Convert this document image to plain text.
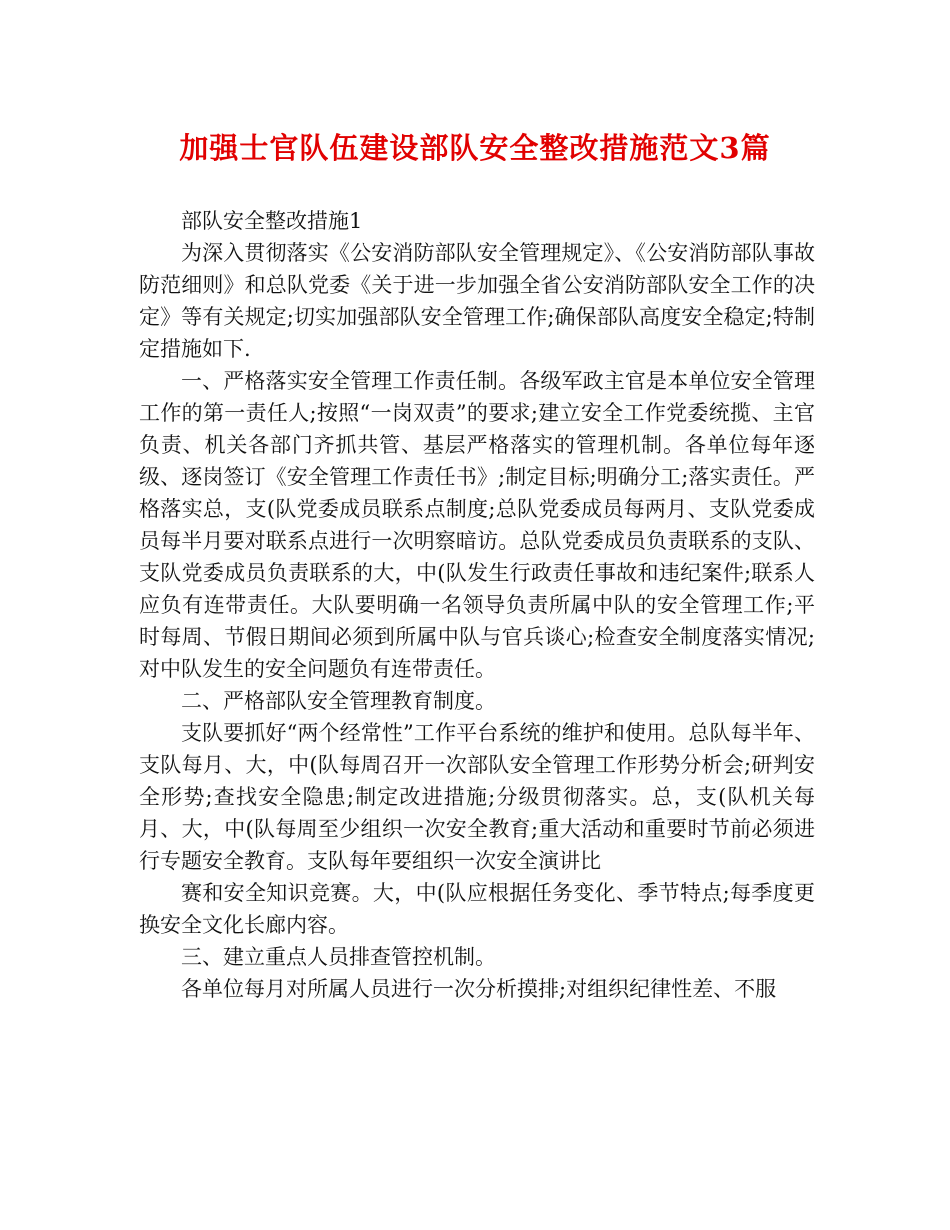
加强士官队伍建设部队安全整改措施范文3篇

部队安全整改措施1

为深入贯彻落实《公安消防部队安全管理规定》、《公安消防部队事故防范细则》和总队党委《关于进一步加强全省公安消防部队安全工作的决定》等有关规定;切实加强部队安全管理工作;确保部队高度安全稳定;特制定措施如下.

一、严格落实安全管理工作责任制。各级军政主官是本单位安全管理工作的第一责任人;按照“一岗双责”的要求;建立安全工作党委统揽、主官负责、机关各部门齐抓共管、基层严格落实的管理机制。各单位每年逐级、逐岗签订《安全管理工作责任书》;制定目标;明确分工;落实责任。严格落实总，支(队党委成员联系点制度;总队党委成员每两月、支队党委成员每半月要对联系点进行一次明察暗访。总队党委成员负责联系的支队、支队党委成员负责联系的大，中(队发生行政责任事故和违纪案件;联系人应负有连带责任。大队要明确一名领导负责所属中队的安全管理工作;平时每周、节假日期间必须到所属中队与官兵谈心;检查安全制度落实情况;对中队发生的安全问题负有连带责任。

二、严格部队安全管理教育制度。

支队要抓好“两个经常性”工作平台系统的维护和使用。总队每半年、支队每月、大，中(队每周召开一次部队安全管理工作形势分析会;研判安全形势;查找安全隐患;制定改进措施;分级贯彻落实。总，支(队机关每月、大，中(队每周至少组织一次安全教育;重大活动和重要时节前必须进行专题安全教育。支队每年要组织一次安全演讲比

赛和安全知识竞赛。大，中(队应根据任务变化、季节特点;每季度更换安全文化长廊内容。

三、建立重点人员排查管控机制。

各单位每月对所属人员进行一次分析摸排;对组织纪律性差、不服
